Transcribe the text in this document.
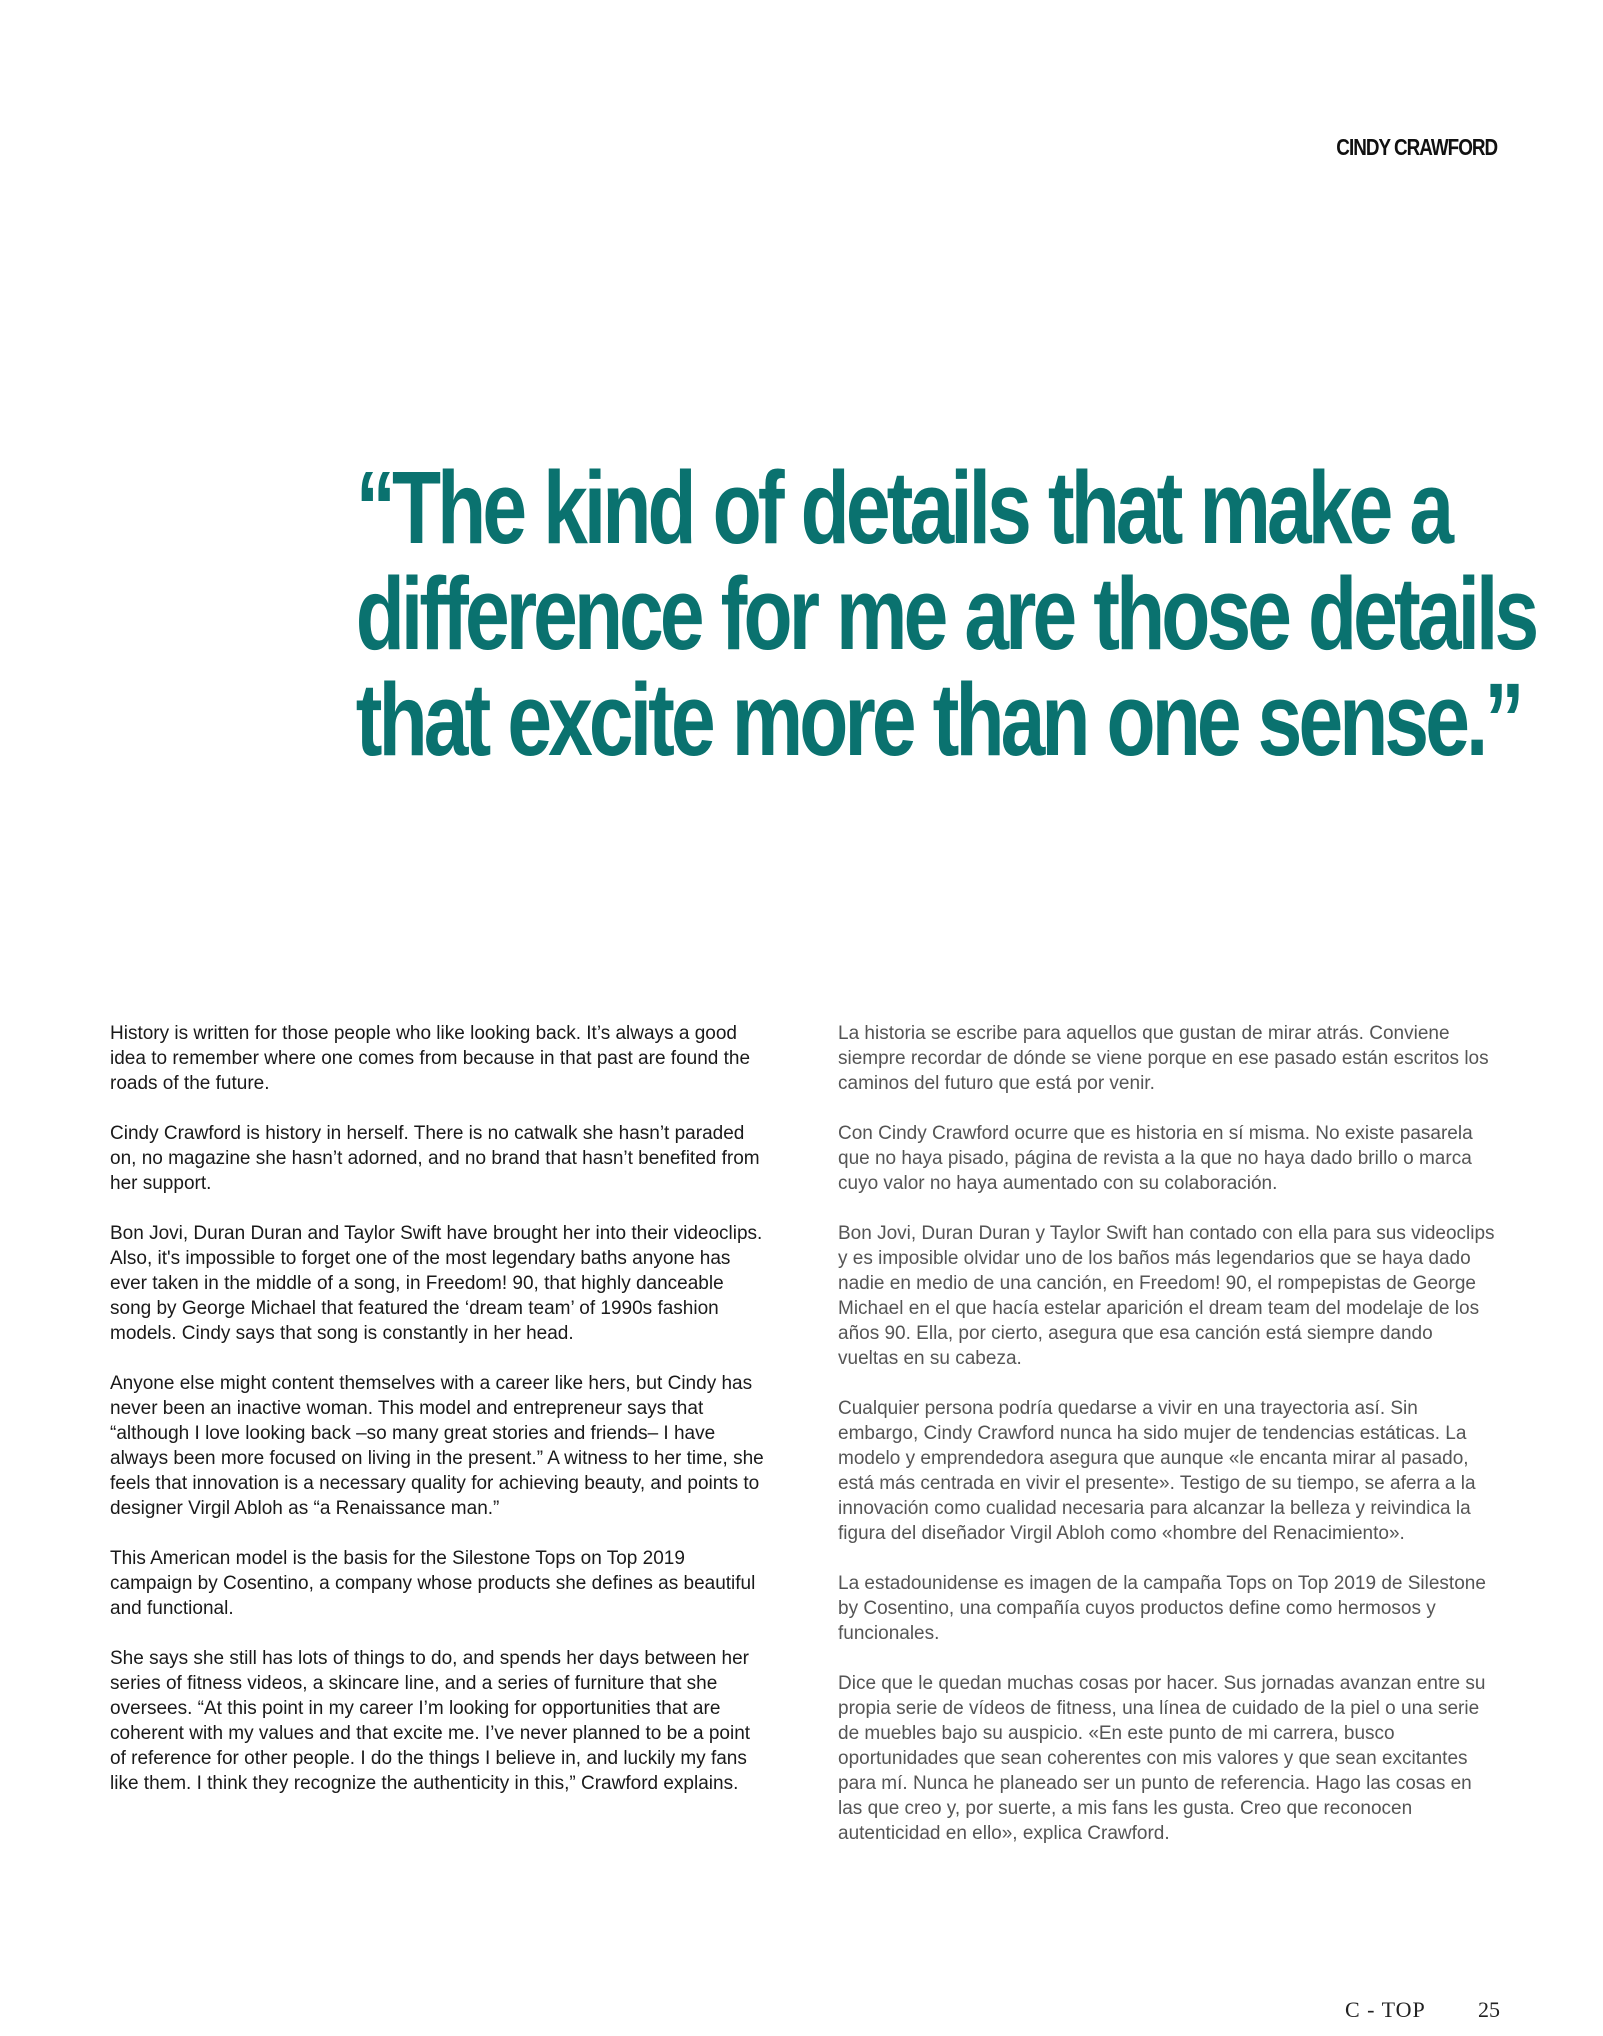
CINDY CRAWFORD
“The kind of details that make a
difference for me are those details
that excite more than one sense.”

History is written for those people who like looking back. It’s always a good idea to remember where one comes from because in that past are found the roads of the future.

Cindy Crawford is history in herself. There is no catwalk she hasn’t paraded on, no magazine she hasn’t adorned, and no brand that hasn’t benefited from her support.

Bon Jovi, Duran Duran and Taylor Swift have brought her into their videoclips. Also, it's impossible to forget one of the most legendary baths anyone has ever taken in the middle of a song, in Freedom! 90, that highly danceable song by George Michael that featured the ‘dream team’ of 1990s fashion models. Cindy says that song is constantly in her head.

Anyone else might content themselves with a career like hers, but Cindy has never been an inactive woman. This model and entrepreneur says that “although I love looking back –so many great stories and friends– I have always been more focused on living in the present.” A witness to her time, she feels that innovation is a necessary quality for achieving beauty, and points to designer Virgil Abloh as “a Renaissance man.”

This American model is the basis for the Silestone Tops on Top 2019 campaign by Cosentino, a company whose products she defines as beautiful and functional.

She says she still has lots of things to do, and spends her days between her series of fitness videos, a skincare line, and a series of furniture that she oversees. “At this point in my career I’m looking for opportunities that are coherent with my values and that excite me. I’ve never planned to be a point of reference for other people. I do the things I believe in, and luckily my fans like them. I think they recognize the authenticity in this,” Crawford explains.

La historia se escribe para aquellos que gustan de mirar atrás. Conviene siempre recordar de dónde se viene porque en ese pasado están escritos los caminos del futuro que está por venir.

Con Cindy Crawford ocurre que es historia en sí misma. No existe pasarela que no haya pisado, página de revista a la que no haya dado brillo o marca cuyo valor no haya aumentado con su colaboración.

Bon Jovi, Duran Duran y Taylor Swift han contado con ella para sus videoclips y es imposible olvidar uno de los baños más legendarios que se haya dado nadie en medio de una canción, en Freedom! 90, el rompepistas de George Michael en el que hacía estelar aparición el dream team del modelaje de los años 90. Ella, por cierto, asegura que esa canción está siempre dando vueltas en su cabeza.

Cualquier persona podría quedarse a vivir en una trayectoria así. Sin embargo, Cindy Crawford nunca ha sido mujer de tendencias estáticas. La modelo y emprendedora asegura que aunque «le encanta mirar al pasado, está más centrada en vivir el presente». Testigo de su tiempo, se aferra a la innovación como cualidad necesaria para alcanzar la belleza y reivindica la figura del diseñador Virgil Abloh como «hombre del Renacimiento».

La estadounidense es imagen de la campaña Tops on Top 2019 de Silestone by Cosentino, una compañía cuyos productos define como hermosos y funcionales.

Dice que le quedan muchas cosas por hacer. Sus jornadas avanzan entre su propia serie de vídeos de fitness, una línea de cuidado de la piel o una serie de muebles bajo su auspicio. «En este punto de mi carrera, busco oportunidades que sean coherentes con mis valores y que sean excitantes para mí. Nunca he planeado ser un punto de referencia. Hago las cosas en las que creo y, por suerte, a mis fans les gusta. Creo que reconocen autenticidad en ello», explica Crawford.

C - TOP 25
